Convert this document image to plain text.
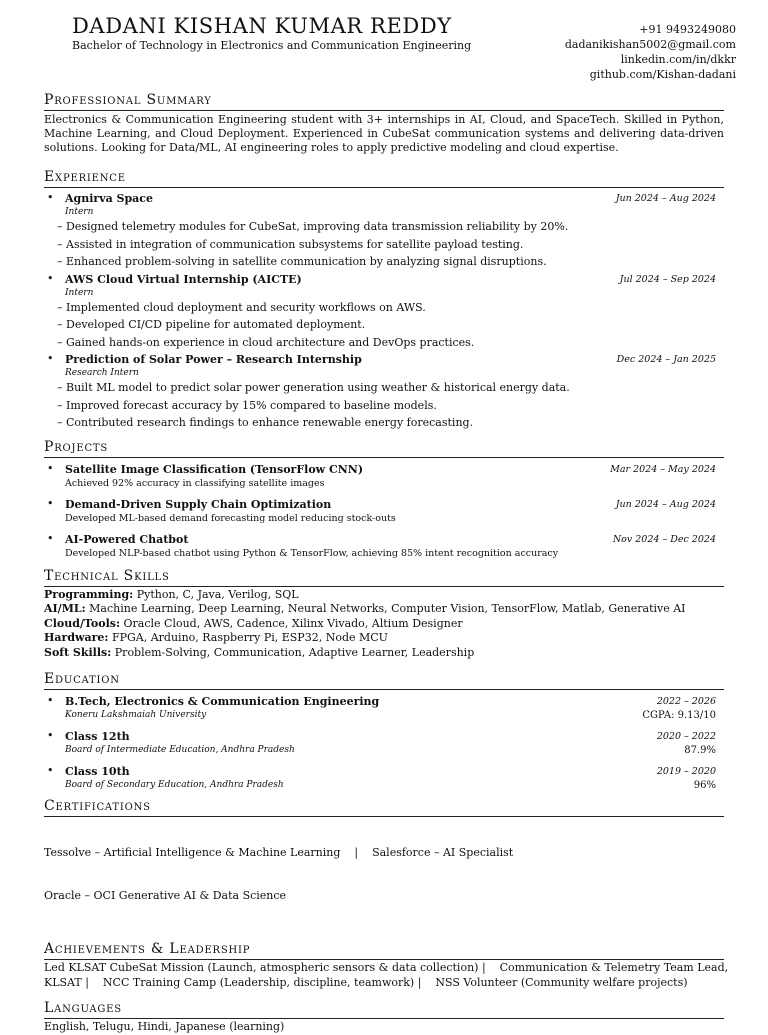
DADANI KISHAN KUMAR REDDY
Bachelor of Technology in Electronics and Communication Engineering
+91 9493249080
dadanikishan5002@gmail.com
linkedin.com/in/dkkr
github.com/Kishan-dadani
Professional Summary
Electronics & Communication Engineering student with 3+ internships in AI, Cloud, and SpaceTech. Skilled in Python, Machine Learning, and Cloud Deployment. Experienced in CubeSat communication systems and delivering data-driven solutions. Looking for Data/ML, AI engineering roles to apply predictive modeling and cloud expertise.
Experience
• Agnirva Space	Jun 2024 – Aug 2024
Intern
– Designed telemetry modules for CubeSat, improving data transmission reliability by 20%.
– Assisted in integration of communication subsystems for satellite payload testing.
– Enhanced problem-solving in satellite communication by analyzing signal disruptions.
• AWS Cloud Virtual Internship (AICTE)	Jul 2024 – Sep 2024
Intern
– Implemented cloud deployment and security workflows on AWS.
– Developed CI/CD pipeline for automated deployment.
– Gained hands-on experience in cloud architecture and DevOps practices.
• Prediction of Solar Power – Research Internship	Dec 2024 – Jan 2025
Research Intern
– Built ML model to predict solar power generation using weather & historical energy data.
– Improved forecast accuracy by 15% compared to baseline models.
– Contributed research findings to enhance renewable energy forecasting.
Projects
• Satellite Image Classification (TensorFlow CNN)	Mar 2024 – May 2024
Achieved 92% accuracy in classifying satellite images
• Demand-Driven Supply Chain Optimization	Jun 2024 – Aug 2024
Developed ML-based demand forecasting model reducing stock-outs
• AI-Powered Chatbot	Nov 2024 – Dec 2024
Developed NLP-based chatbot using Python & TensorFlow, achieving 85% intent recognition accuracy
Technical Skills
Programming: Python, C, Java, Verilog, SQL
AI/ML: Machine Learning, Deep Learning, Neural Networks, Computer Vision, TensorFlow, Matlab, Generative AI
Cloud/Tools: Oracle Cloud, AWS, Cadence, Xilinx Vivado, Altium Designer
Hardware: FPGA, Arduino, Raspberry Pi, ESP32, Node MCU
Soft Skills: Problem-Solving, Communication, Adaptive Learner, Leadership
Education
• B.Tech, Electronics & Communication Engineering	2022 – 2026
Koneru Lakshmaiah University	CGPA: 9.13/10
• Class 12th	2020 – 2022
Board of Intermediate Education, Andhra Pradesh	87.9%
• Class 10th	2019 – 2020
Board of Secondary Education, Andhra Pradesh	96%
Certifications

Tessolve – Artificial Intelligence & Machine Learning    |    Salesforce – AI Specialist

Oracle – OCI Generative AI & Data Science

Achievements & Leadership
Led KLSAT CubeSat Mission (Launch, atmospheric sensors & data collection) |    Communication & Telemetry Team Lead,
KLSAT |    NCC Training Camp (Leadership, discipline, teamwork) |    NSS Volunteer (Community welfare projects)
Languages
English, Telugu, Hindi, Japanese (learning)
